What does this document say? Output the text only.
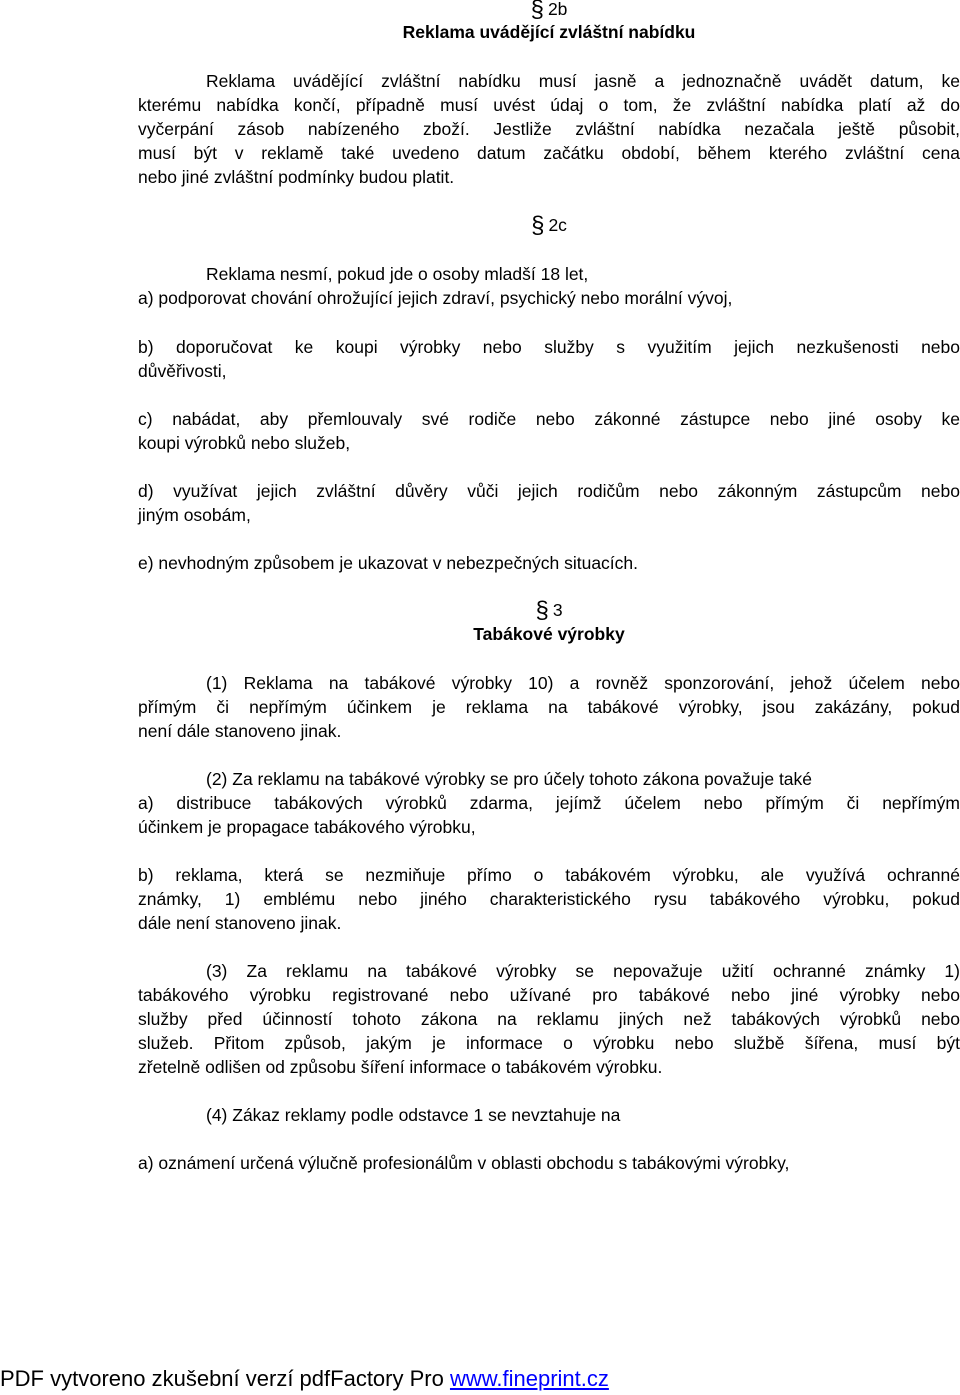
§ 2b
Reklama uvádějící zvláštní nabídku
Reklama uvádějící zvláštní nabídku musí jasně a jednoznačně uvádět datum, ke
kterému nabídka končí, případně musí uvést údaj o tom, že zvláštní nabídka platí až do
vyčerpání zásob nabízeného zboží. Jestliže zvláštní nabídka nezačala ještě působit,
musí být v reklamě také uvedeno datum začátku období, během kterého zvláštní cena
nebo jiné zvláštní podmínky budou platit.
§ 2c
Reklama nesmí, pokud jde o osoby mladší 18 let,
a) podporovat chování ohrožující jejich zdraví, psychický nebo morální vývoj,
b) doporučovat ke koupi výrobky nebo služby s využitím jejich nezkušenosti nebo
důvěřivosti,
c) nabádat, aby přemlouvaly své rodiče nebo zákonné zástupce nebo jiné osoby ke
koupi výrobků nebo služeb,
d) využívat jejich zvláštní důvěry vůči jejich rodičům nebo zákonným zástupcům nebo
jiným osobám,
e) nevhodným způsobem je ukazovat v nebezpečných situacích.
§ 3
Tabákové výrobky
(1) Reklama na tabákové výrobky 10) a rovněž sponzorování, jehož účelem nebo
přímým či nepřímým účinkem je reklama na tabákové výrobky, jsou zakázány, pokud
není dále stanoveno jinak.
(2) Za reklamu na tabákové výrobky se pro účely tohoto zákona považuje také
a) distribuce tabákových výrobků zdarma, jejímž účelem nebo přímým či nepřímým
účinkem je propagace tabákového výrobku,
b) reklama, která se nezmiňuje přímo o tabákovém výrobku, ale využívá ochranné
známky, 1) emblému nebo jiného charakteristického rysu tabákového výrobku, pokud
dále není stanoveno jinak.
(3) Za reklamu na tabákové výrobky se nepovažuje užití ochranné známky 1)
tabákového výrobku registrované nebo užívané pro tabákové nebo jiné výrobky nebo
služby před účinností tohoto zákona na reklamu jiných než tabákových výrobků nebo
služeb. Přitom způsob, jakým je informace o výrobku nebo službě šířena, musí být
zřetelně odlišen od způsobu šíření informace o tabákovém výrobku.
(4) Zákaz reklamy podle odstavce 1 se nevztahuje na
a) oznámení určená výlučně profesionálům v oblasti obchodu s tabákovými výrobky,
PDF vytvoreno zkušební verzí pdfFactory Pro www.fineprint.cz
